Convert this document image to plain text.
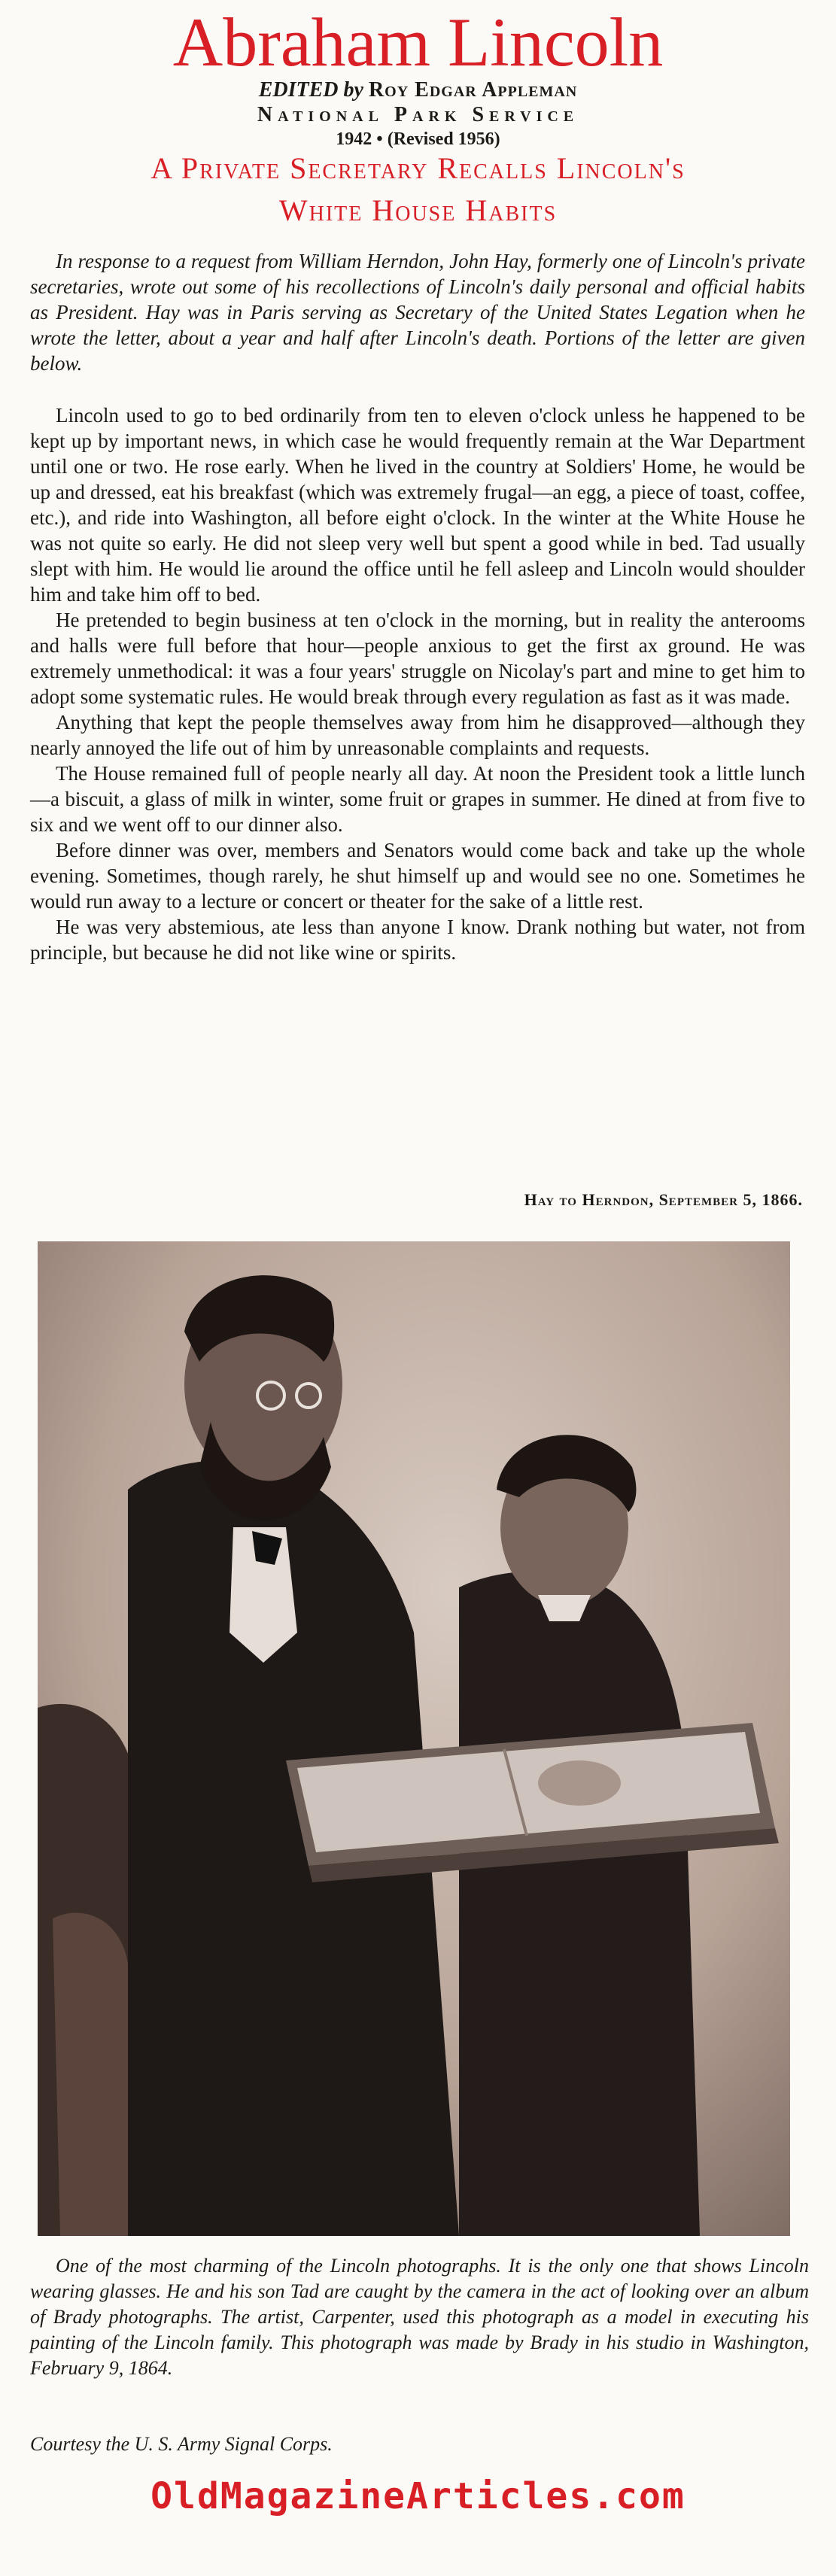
Abraham Lincoln
EDITED by Roy Edgar Appleman
National Park Service
1942 • (Revised 1956)
A Private Secretary Recalls Lincoln's
White House Habits
In response to a request from William Herndon, John Hay, formerly one of Lincoln's private secretaries, wrote out some of his recollections of Lincoln's daily personal and official habits as President. Hay was in Paris serving as Secretary of the United States Legation when he wrote the letter, about a year and half after Lincoln's death. Portions of the letter are given below.

Lincoln used to go to bed ordinarily from ten to eleven o'clock unless he happened to be kept up by important news, in which case he would frequently remain at the War Department until one or two. He rose early. When he lived in the country at Soldiers' Home, he would be up and dressed, eat his breakfast (which was extremely frugal—an egg, a piece of toast, coffee, etc.), and ride into Washington, all before eight o'clock. In the winter at the White House he was not quite so early. He did not sleep very well but spent a good while in bed. Tad usually slept with him. He would lie around the office until he fell asleep and Lincoln would shoulder him and take him off to bed.

He pretended to begin business at ten o'clock in the morning, but in reality the anterooms and halls were full before that hour—people anxious to get the first ax ground. He was extremely unmethodical: it was a four years' struggle on Nicolay's part and mine to get him to adopt some systematic rules. He would break through every regulation as fast as it was made.

Anything that kept the people themselves away from him he disapproved—although they nearly annoyed the life out of him by unreasonable complaints and requests.

The House remained full of people nearly all day. At noon the President took a little lunch—a biscuit, a glass of milk in winter, some fruit or grapes in summer. He dined at from five to six and we went off to our dinner also.

Before dinner was over, members and Senators would come back and take up the whole evening. Sometimes, though rarely, he shut himself up and would see no one. Sometimes he would run away to a lecture or concert or theater for the sake of a little rest.

He was very abstemious, ate less than anyone I know. Drank nothing but water, not from principle, but because he did not like wine or spirits.

Hay to Herndon, September 5, 1866.
One of the most charming of the Lincoln photographs. It is the only one that shows Lincoln wearing glasses. He and his son Tad are caught by the camera in the act of looking over an album of Brady photographs. The artist, Carpenter, used this photograph as a model in executing his painting of the Lincoln family. This photograph was made by Brady in his studio in Washington, February 9, 1864.
Courtesy the U. S. Army Signal Corps.
OldMagazineArticles.com
